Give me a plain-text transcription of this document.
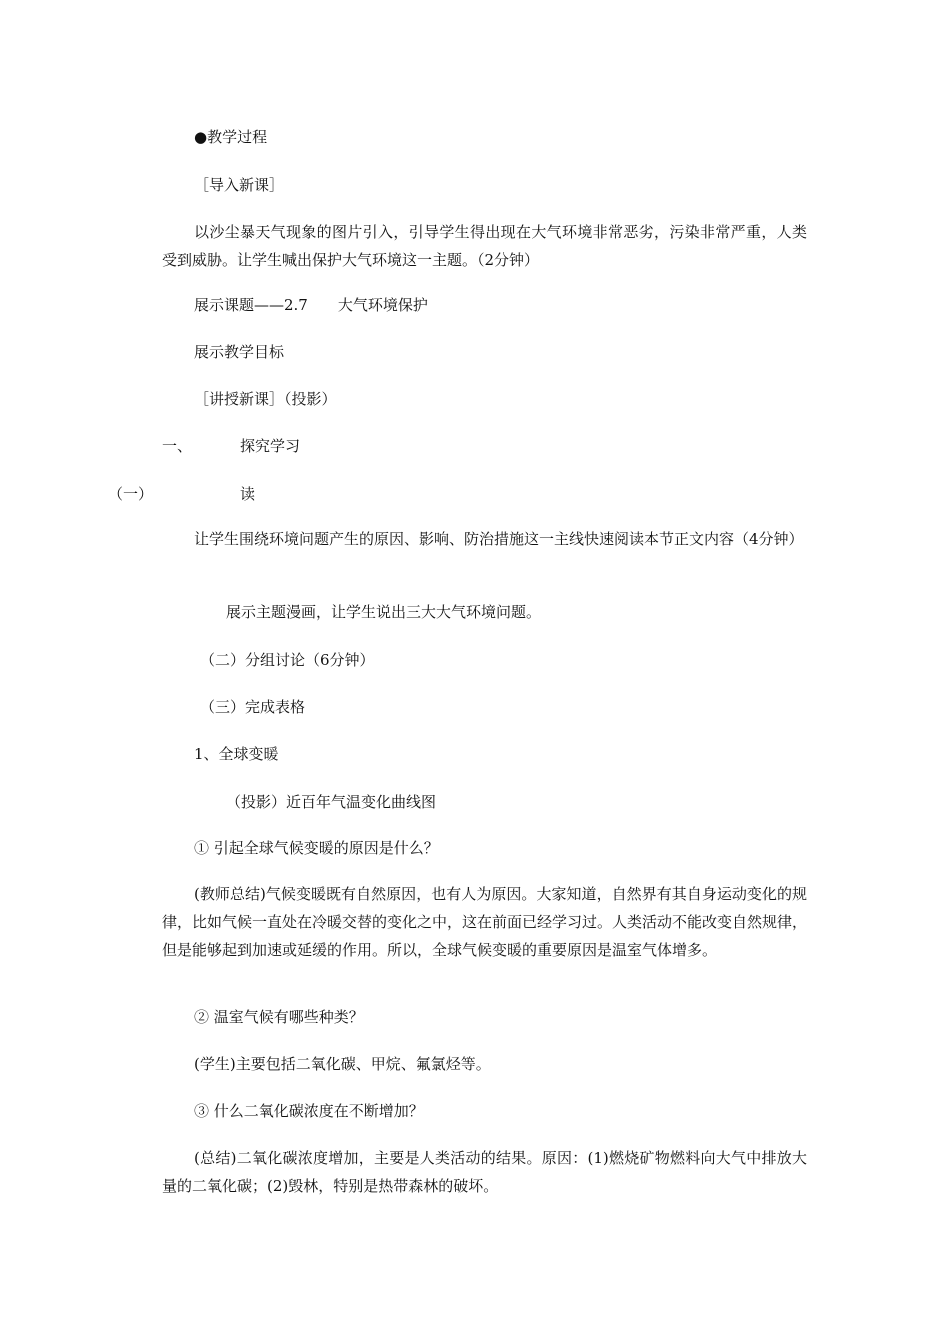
●教学过程
［导入新课］
以沙尘暴天气现象的图片引入，引导学生得出现在大气环境非常恶劣，污染非常严重，人类受到威胁。让学生喊出保护大气环境这一主题。（2分钟）
展示课题——2.7　　大气环境保护
展示教学目标
［讲授新课］（投影）
一、	探究学习
（一）	读
让学生围绕环境问题产生的原因、影响、防治措施这一主线快速阅读本节正文内容（4分钟）
展示主题漫画，让学生说出三大大气环境问题。
（二）分组讨论（6分钟）
（三）完成表格
1、全球变暖
（投影）近百年气温变化曲线图
① 引起全球气候变暖的原因是什么？
(教师总结)气候变暖既有自然原因，也有人为原因。大家知道，自然界有其自身运动变化的规律，比如气候一直处在冷暖交替的变化之中，这在前面已经学习过。人类活动不能改变自然规律，但是能够起到加速或延缓的作用。所以，全球气候变暖的重要原因是温室气体增多。
② 温室气候有哪些种类？
(学生)主要包括二氧化碳、甲烷、氟氯烃等。
③ 什么二氧化碳浓度在不断增加？
(总结)二氧化碳浓度增加，主要是人类活动的结果。原因：(1)燃烧矿物燃料向大气中排放大量的二氧化碳；(2)毁林，特别是热带森林的破坏。
